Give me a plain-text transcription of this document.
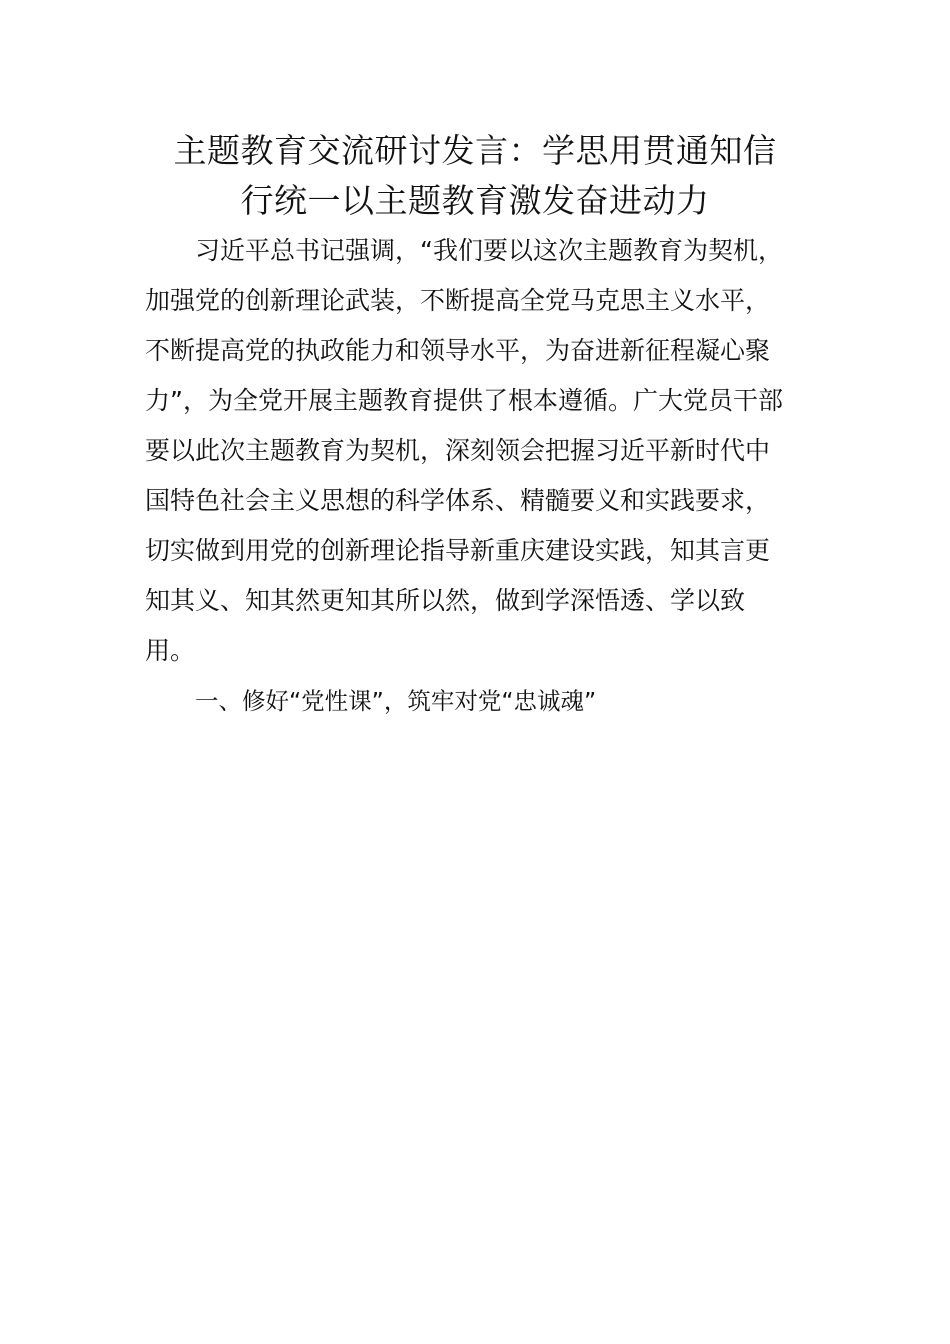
主题教育交流研讨发言：学思用贯通知信
行统一以主题教育激发奋进动力

习近平总书记强调，“我们要以这次主题教育为契机，
加强党的创新理论武装，不断提高全党马克思主义水平，
不断提高党的执政能力和领导水平，为奋进新征程凝心聚
力”，为全党开展主题教育提供了根本遵循。广大党员干部
要以此次主题教育为契机，深刻领会把握习近平新时代中
国特色社会主义思想的科学体系、精髓要义和实践要求，
切实做到用党的创新理论指导新重庆建设实践，知其言更
知其义、知其然更知其所以然，做到学深悟透、学以致
用。

一、修好“党性课”，筑牢对党“忠诚魂”
